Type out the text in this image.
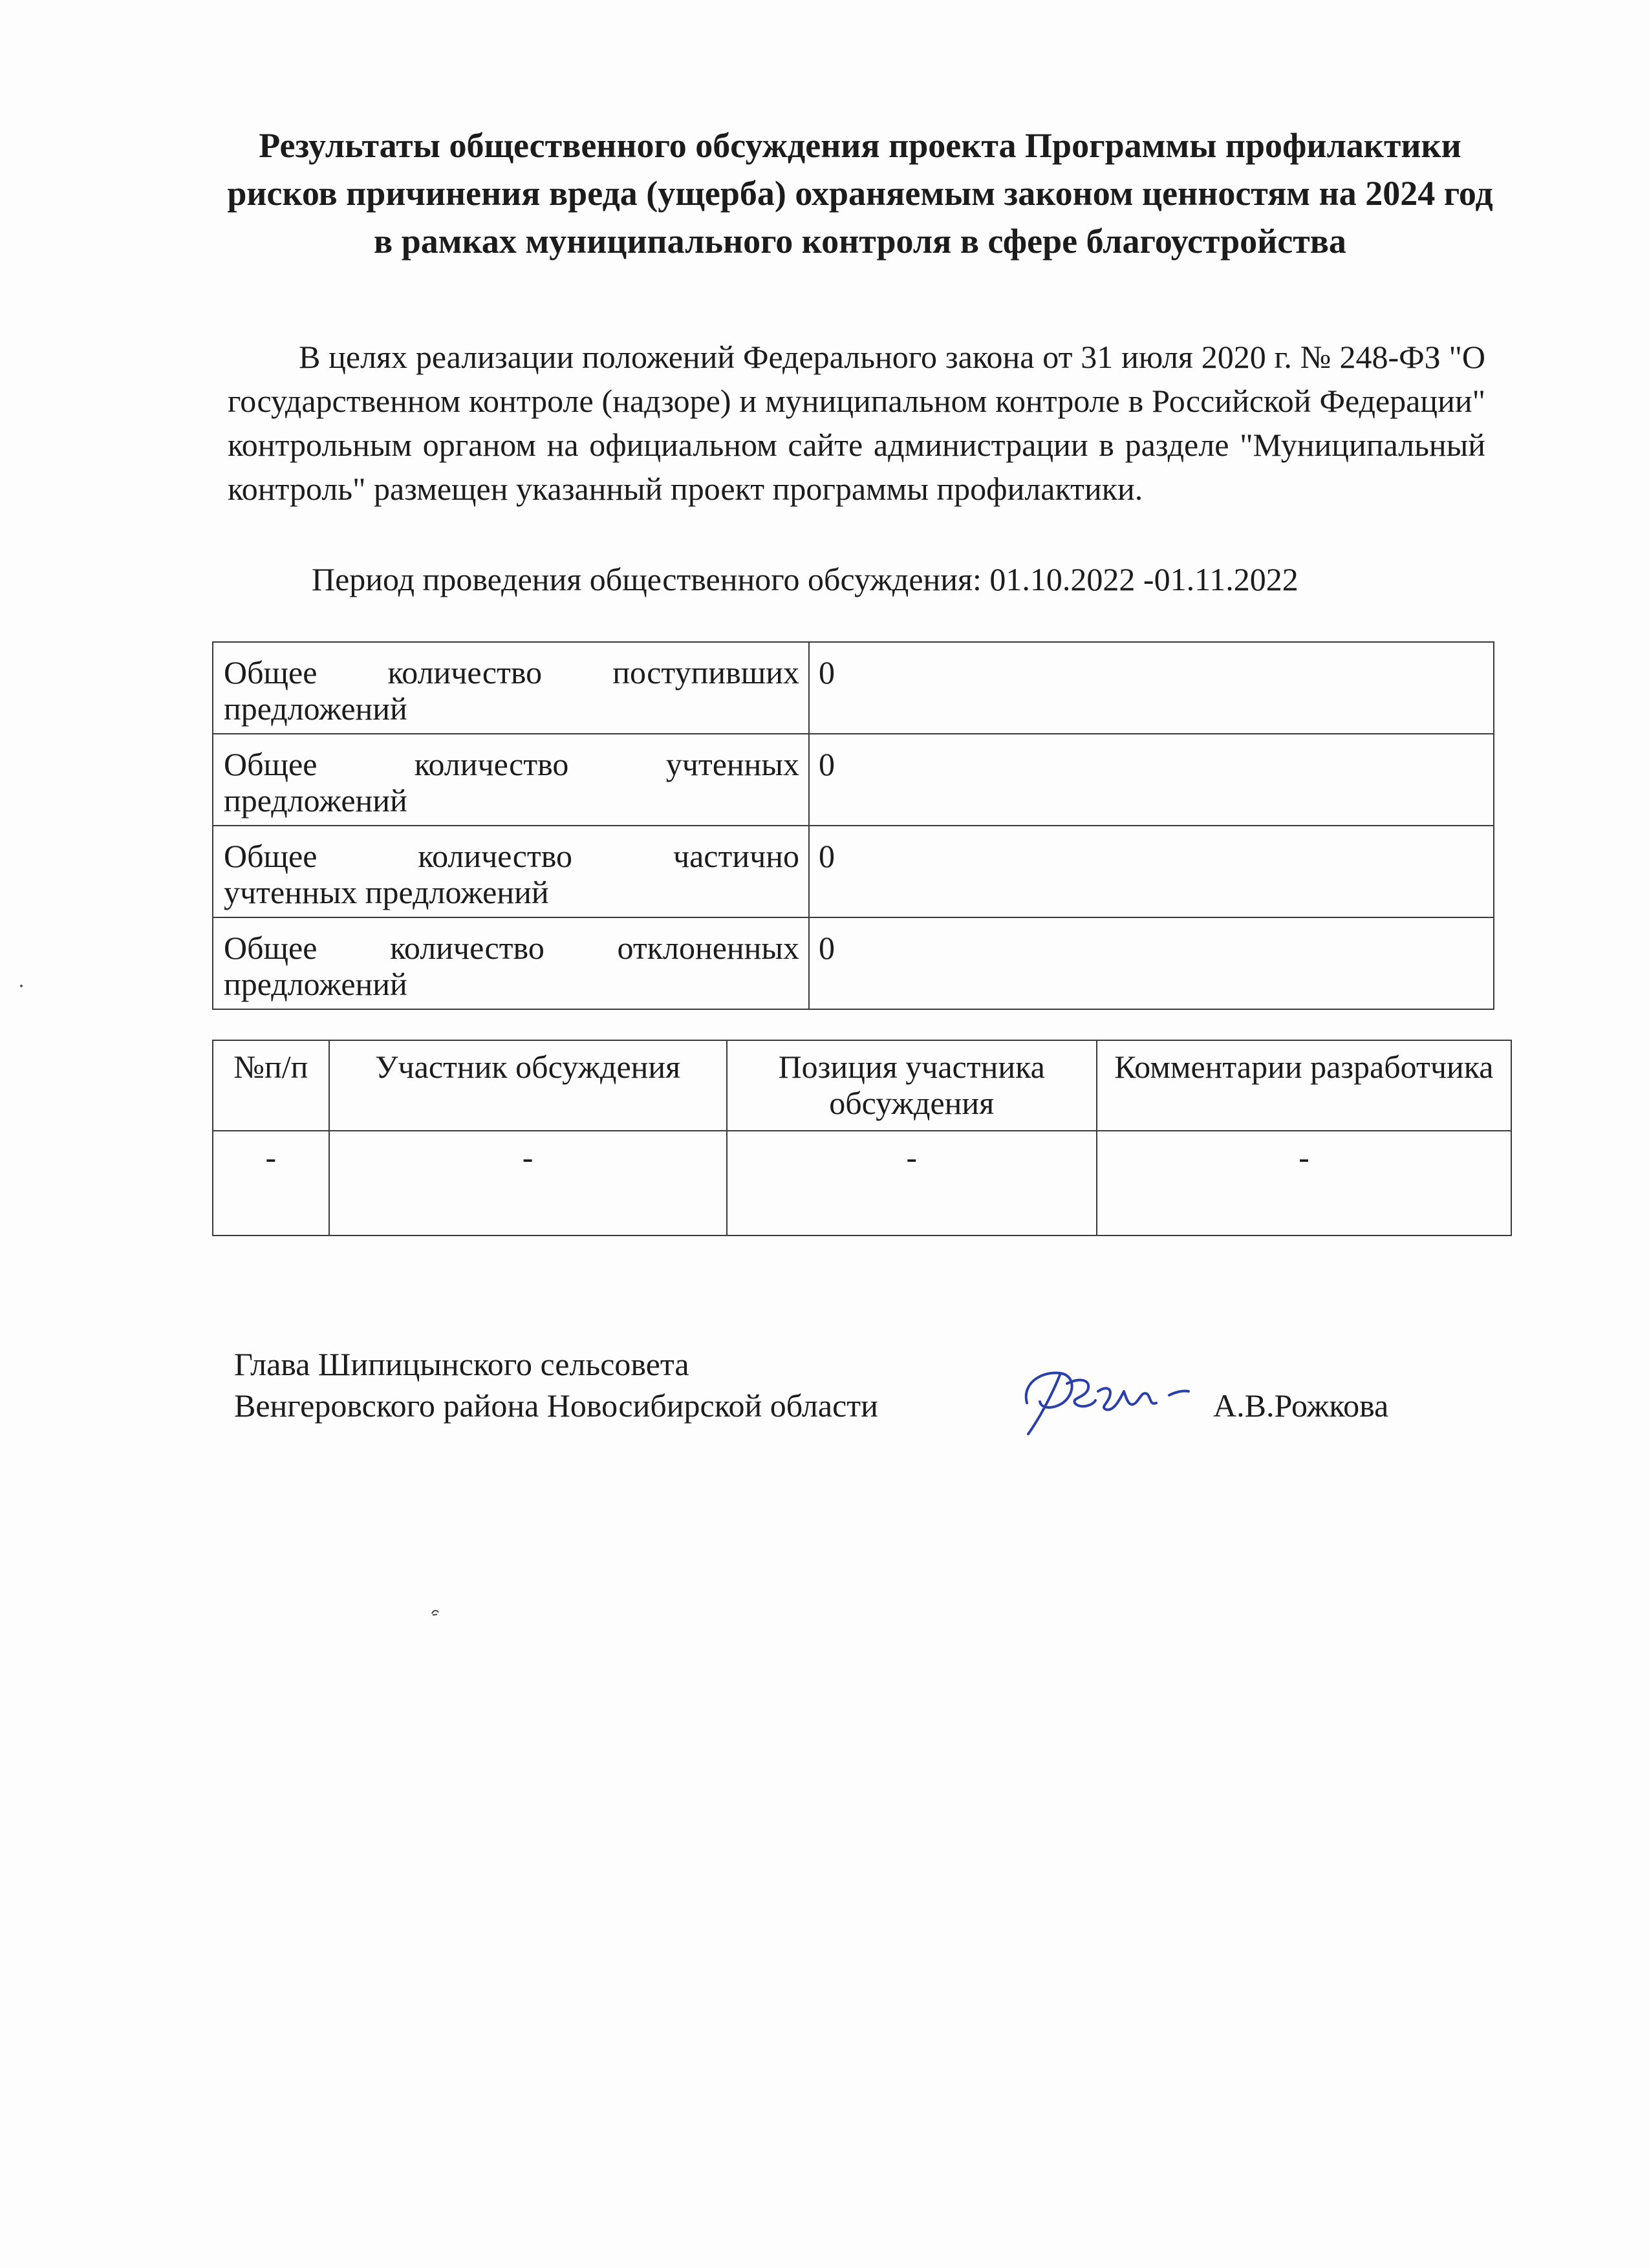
Результаты общественного обсуждения проекта Программы профилактики рисков причинения вреда (ущерба) охраняемым законом ценностям на 2024 год в рамках муниципального контроля в сфере благоустройства

В целях реализации положений Федерального закона от 31 июля 2020 г. № 248-ФЗ "О государственном контроле (надзоре) и муниципальном контроле в Российской Федерации" контрольным органом на официальном сайте администрации в разделе "Муниципальный контроль" размещен указанный проект программы профилактики.

Период проведения общественного обсуждения: 01.10.2022 -01.11.2022

Общее количество поступивших
предложений	0
Общее количество учтенных
предложений	0
Общее количество частично
учтенных предложений	0
Общее количество отклоненных
предложений	0
№п/п	Участник обсуждения	Позиция участника обсуждения	Комментарии разработчика
-	-	-	-

Глава Шипицынского сельсовета
Венгеровского района Новосибирской области	А.В.Рожкова
